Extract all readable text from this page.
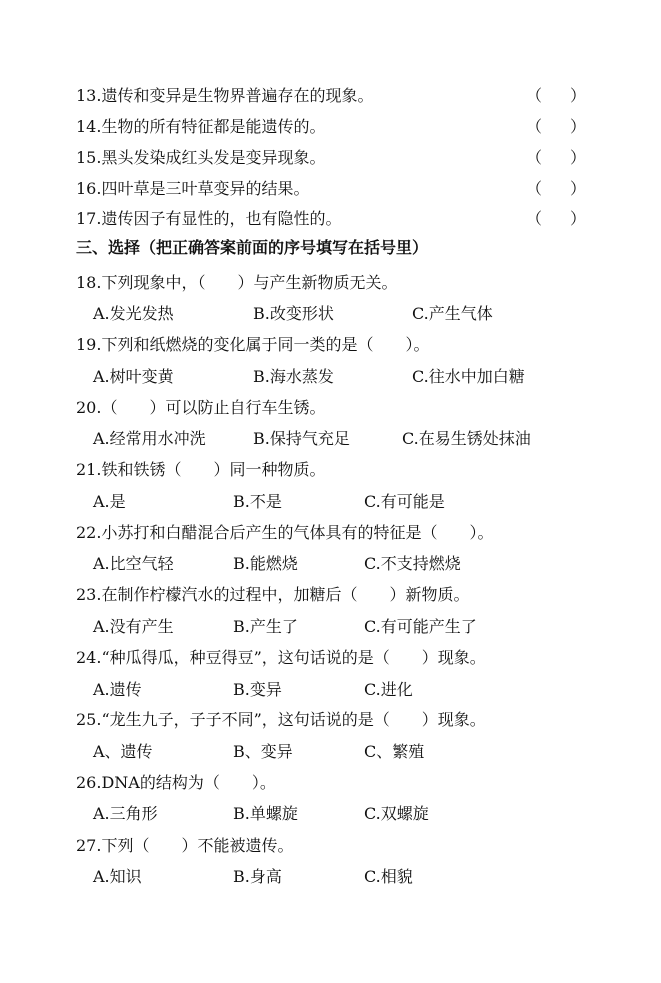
13.遗传和变异是生物界普遍存在的现象。	（ ）
14.生物的所有特征都是能遗传的。	（ ）
15.黑头发染成红头发是变异现象。	（ ）
16.四叶草是三叶草变异的结果。	（ ）
17.遗传因子有显性的，也有隐性的。	（ ）
三、选择（把正确答案前面的序号填写在括号里）
18.下列现象中，（　　）与产生新物质无关。
A.发光发热	B.改变形状	C.产生气体
19.下列和纸燃烧的变化属于同一类的是（　　）。
A.树叶变黄	B.海水蒸发	C.往水中加白糖
20.（　　）可以防止自行车生锈。
A.经常用水冲洗	B.保持气充足	C.在易生锈处抹油
21.铁和铁锈（　　）同一种物质。
A.是	B.不是	C.有可能是
22.小苏打和白醋混合后产生的气体具有的特征是（　　）。
A.比空气轻	B.能燃烧	C.不支持燃烧
23.在制作柠檬汽水的过程中，加糖后（　　）新物质。
A.没有产生	B.产生了	C.有可能产生了
24.“种瓜得瓜，种豆得豆”，这句话说的是（　　）现象。
A.遗传	B.变异	C.进化
25.“龙生九子，子子不同”，这句话说的是（　　）现象。
A、遗传	B、变异	C、繁殖
26.DNA的结构为（　　）。
A.三角形	B.单螺旋	C.双螺旋
27.下列（　　）不能被遗传。
A.知识	B.身高	C.相貌
